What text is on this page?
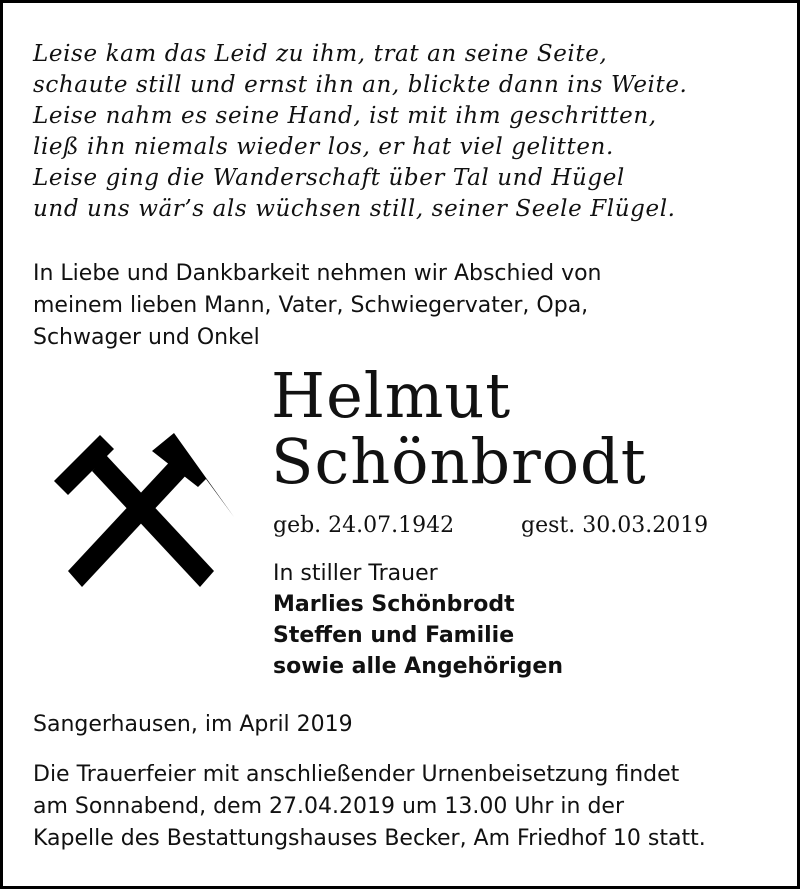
Leise kam das Leid zu ihm, trat an seine Seite,
schaute still und ernst ihn an, blickte dann ins Weite.
Leise nahm es seine Hand, ist mit ihm geschritten,
ließ ihn niemals wieder los, er hat viel gelitten.
Leise ging die Wanderschaft über Tal und Hügel
und uns wär’s als wüchsen still, seiner Seele Flügel.
In Liebe und Dankbarkeit nehmen wir Abschied von
meinem lieben Mann, Vater, Schwiegervater, Opa,
Schwager und Onkel
Helmut
Schönbrodt
geb. 24.07.1942	gest. 30.03.2019
In stiller Trauer
Marlies Schönbrodt
Steffen und Familie
sowie alle Angehörigen

Sangerhausen, im April 2019

Die Trauerfeier mit anschließender Urnenbeisetzung findet
am Sonnabend, dem 27.04.2019 um 13.00 Uhr in der
Kapelle des Bestattungshauses Becker, Am Friedhof 10 statt.
